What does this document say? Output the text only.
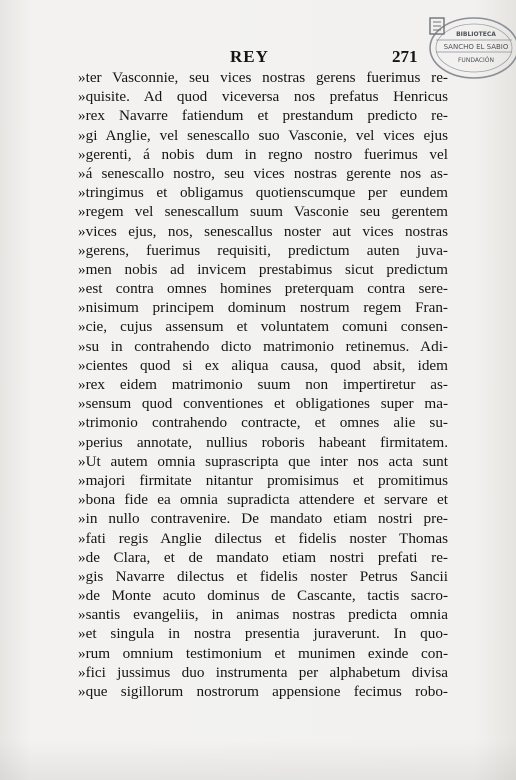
REY	271
BIBLIOTECA
SANCHO EL SABIO
FUNDACIÓN
»ter Vasconnie, seu vices nostras gerens fuerimus re-
»quisite. Ad quod viceversa nos prefatus Henricus
»rex Navarre fatiendum et prestandum predicto re-
»gi Anglie, vel senescallo suo Vasconie, vel vices ejus
»gerenti, á nobis dum in regno nostro fuerimus vel
»á senescallo nostro, seu vices nostras gerente nos as-
»tringimus et obligamus quotienscumque per eundem
»regem vel senescallum suum Vasconie seu gerentem
»vices ejus, nos, senescallus noster aut vices nostras
»gerens, fuerimus requisiti, predictum auten juva-
»men nobis ad invicem prestabimus sicut predictum
»est contra omnes homines preterquam contra sere-
»nisimum principem dominum nostrum regem Fran-
»cie, cujus assensum et voluntatem comuni consen-
»su in contrahendo dicto matrimonio retinemus. Adi-
»cientes quod si ex aliqua causa, quod absit, idem
»rex eidem matrimonio suum non impertiretur as-
»sensum quod conventiones et obligationes super ma-
»trimonio contrahendo contracte, et omnes alie su-
»perius annotate, nullius roboris habeant firmitatem.
»Ut autem omnia suprascripta que inter nos acta sunt
»majori firmitate nitantur promisimus et promitimus
»bona fide ea omnia supradicta attendere et servare et
»in nullo contravenire. De mandato etiam nostri pre-
»fati regis Anglie dilectus et fidelis noster Thomas
»de Clara, et de mandato etiam nostri prefati re-
»gis Navarre dilectus et fidelis noster Petrus Sancii
»de Monte acuto dominus de Cascante, tactis sacro-
»santis evangeliis, in animas nostras predicta omnia
»et singula in nostra presentia juraverunt. In quo-
»rum omnium testimonium et munimen exinde con-
»fici jussimus duo instrumenta per alphabetum divisa
»que sigillorum nostrorum appensione fecimus robo-
